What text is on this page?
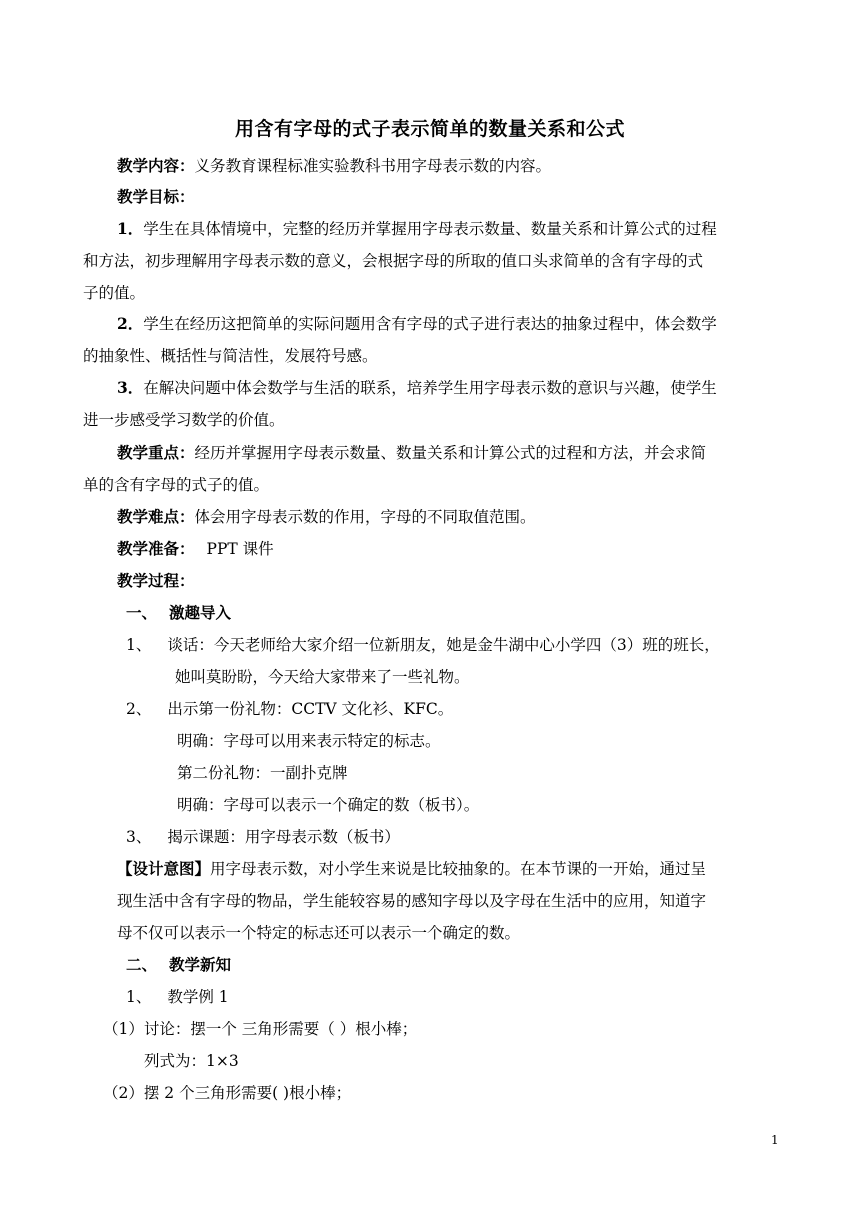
用含有字母的式子表示简单的数量关系和公式
教学内容：义务教育课程标准实验教科书用字母表示数的内容。
教学目标：
1．学生在具体情境中，完整的经历并掌握用字母表示数量、数量关系和计算公式的过程
和方法，初步理解用字母表示数的意义，会根据字母的所取的值口头求简单的含有字母的式
子的值。
2．学生在经历这把简单的实际问题用含有字母的式子进行表达的抽象过程中，体会数学
的抽象性、概括性与简洁性，发展符号感。
3．在解决问题中体会数学与生活的联系，培养学生用字母表示数的意识与兴趣，使学生
进一步感受学习数学的价值。
教学重点：经历并掌握用字母表示数量、数量关系和计算公式的过程和方法，并会求简
单的含有字母的式子的值。
教学难点：体会用字母表示数的作用，字母的不同取值范围。
教学准备： PPT 课件
教学过程：
一、 激趣导入
1、 谈话：今天老师给大家介绍一位新朋友，她是金牛湖中心小学四（3）班的班长，
她叫莫盼盼，今天给大家带来了一些礼物。
2、 出示第一份礼物：CCTV 文化衫、KFC。
明确：字母可以用来表示特定的标志。
第二份礼物：一副扑克牌
明确：字母可以表示一个确定的数（板书）。
3、 揭示课题：用字母表示数（板书）
【设计意图】用字母表示数，对小学生来说是比较抽象的。在本节课的一开始，通过呈
现生活中含有字母的物品，学生能较容易的感知字母以及字母在生活中的应用，知道字
母不仅可以表示一个特定的标志还可以表示一个确定的数。
二、 教学新知
1、 教学例 1
（1）讨论：摆一个 三角形需要（ ）根小棒；
列式为：1×3
（2）摆 2 个三角形需要( )根小棒；
1
